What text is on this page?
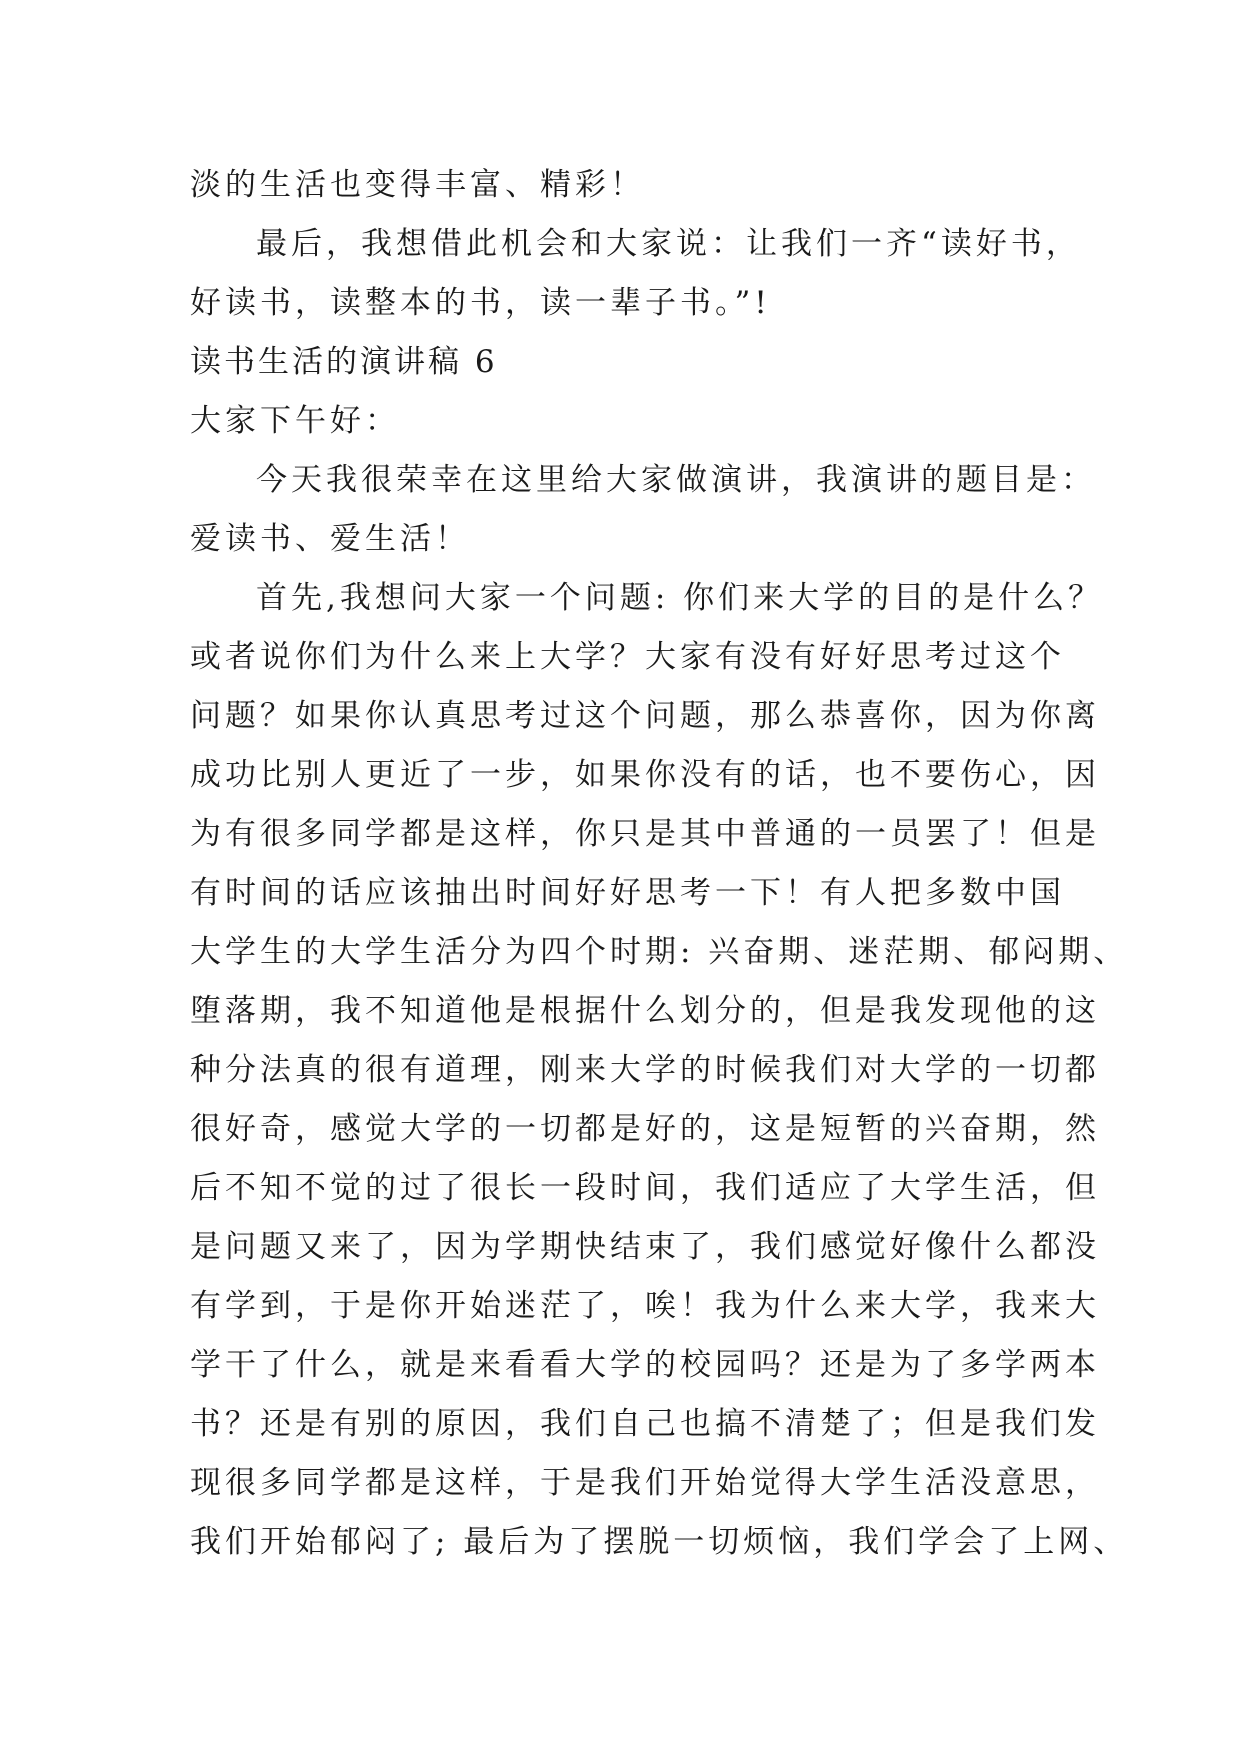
淡的生活也变得丰富、精彩！
最后，我想借此机会和大家说：让我们一齐“读好书，
好读书，读整本的书，读一辈子书。”!
读书生活的演讲稿 6
大家下午好：
今天我很荣幸在这里给大家做演讲，我演讲的题目是：
爱读书、爱生活！
首先,我想问大家一个问题: 你们来大学的目的是什么？
或者说你们为什么来上大学？大家有没有好好思考过这个
问题？如果你认真思考过这个问题，那么恭喜你，因为你离
成功比别人更近了一步，如果你没有的话，也不要伤心，因
为有很多同学都是这样，你只是其中普通的一员罢了！但是
有时间的话应该抽出时间好好思考一下！有人把多数中国
大学生的大学生活分为四个时期: 兴奋期、迷茫期、郁闷期、
堕落期，我不知道他是根据什么划分的，但是我发现他的这
种分法真的很有道理，刚来大学的时候我们对大学的一切都
很好奇，感觉大学的一切都是好的，这是短暂的兴奋期，然
后不知不觉的过了很长一段时间，我们适应了大学生活，但
是问题又来了，因为学期快结束了，我们感觉好像什么都没
有学到，于是你开始迷茫了，唉！我为什么来大学，我来大
学干了什么，就是来看看大学的校园吗？还是为了多学两本
书？还是有别的原因，我们自己也搞不清楚了；但是我们发
现很多同学都是这样，于是我们开始觉得大学生活没意思，
我们开始郁闷了; 最后为了摆脱一切烦恼，我们学会了上网、
